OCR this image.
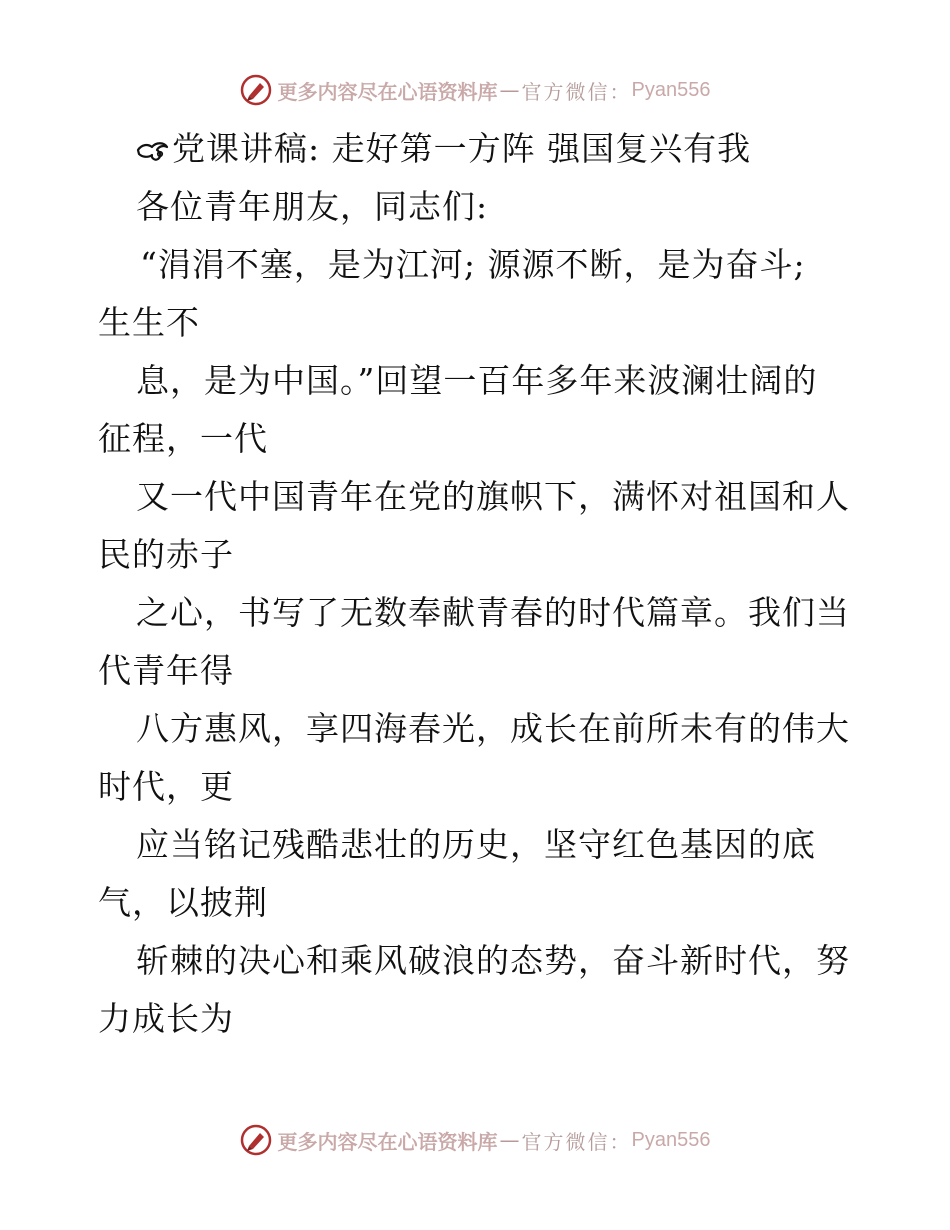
更多内容尽在心语资料库 — 官方微信： Pyan556
党课讲稿: 走好第一方阵 强国复兴有我
各位青年朋友，同志们:
“涓涓不塞，是为江河; 源源不断，是为奋斗;
生生不
息，是为中国。”回望一百年多年来波澜壮阔的
征程，一代
又一代中国青年在党的旗帜下，满怀对祖国和人
民的赤子
之心，书写了无数奉献青春的时代篇章。我们当
代青年得
八方惠风，享四海春光，成长在前所未有的伟大
时代，更
应当铭记残酷悲壮的历史，坚守红色基因的底
气，以披荆
斩棘的决心和乘风破浪的态势，奋斗新时代，努
力成长为
更多内容尽在心语资料库 — 官方微信： Pyan556
